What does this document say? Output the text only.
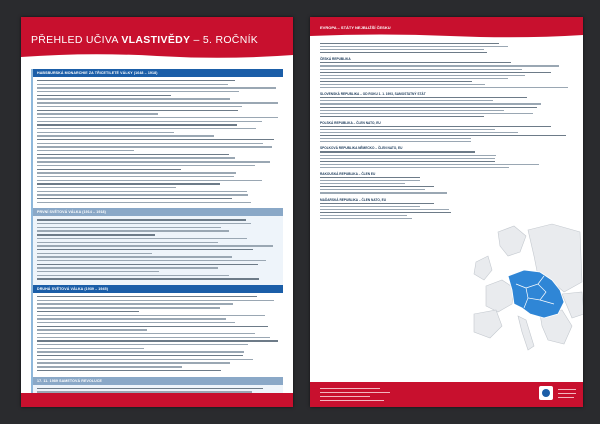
PŘEHLED UČIVA VLASTIVĚDY – 5. ROČNÍK
HABSBURSKÁ MONARCHIE ZA TŘICETILETÉ VÁLKY (1648 – 1918)
PRVNÍ SVĚTOVÁ VÁLKA (1914 – 1918)
DRUHÁ SVĚTOVÁ VÁLKA (1939 – 1945)
17. 11. 1989 SAMETOVÁ REVOLUCE
EVROPA – STÁTY NEJBLIŽŠÍ ČESKU
ČESKÁ REPUBLIKA
SLOVENSKÁ REPUBLIKA – OD ROKU 1. 1. 1993, SAMOSTATNÝ STÁT
POLSKÁ REPUBLIKA – ČLEN NATO, EU
SPOLKOVÁ REPUBLIKA NĚMECKO – ČLEN NATO, EU
RAKOUSKÁ REPUBLIKA – ČLEN EU
MAĎARSKÁ REPUBLIKA – ČLEN NATO, EU
